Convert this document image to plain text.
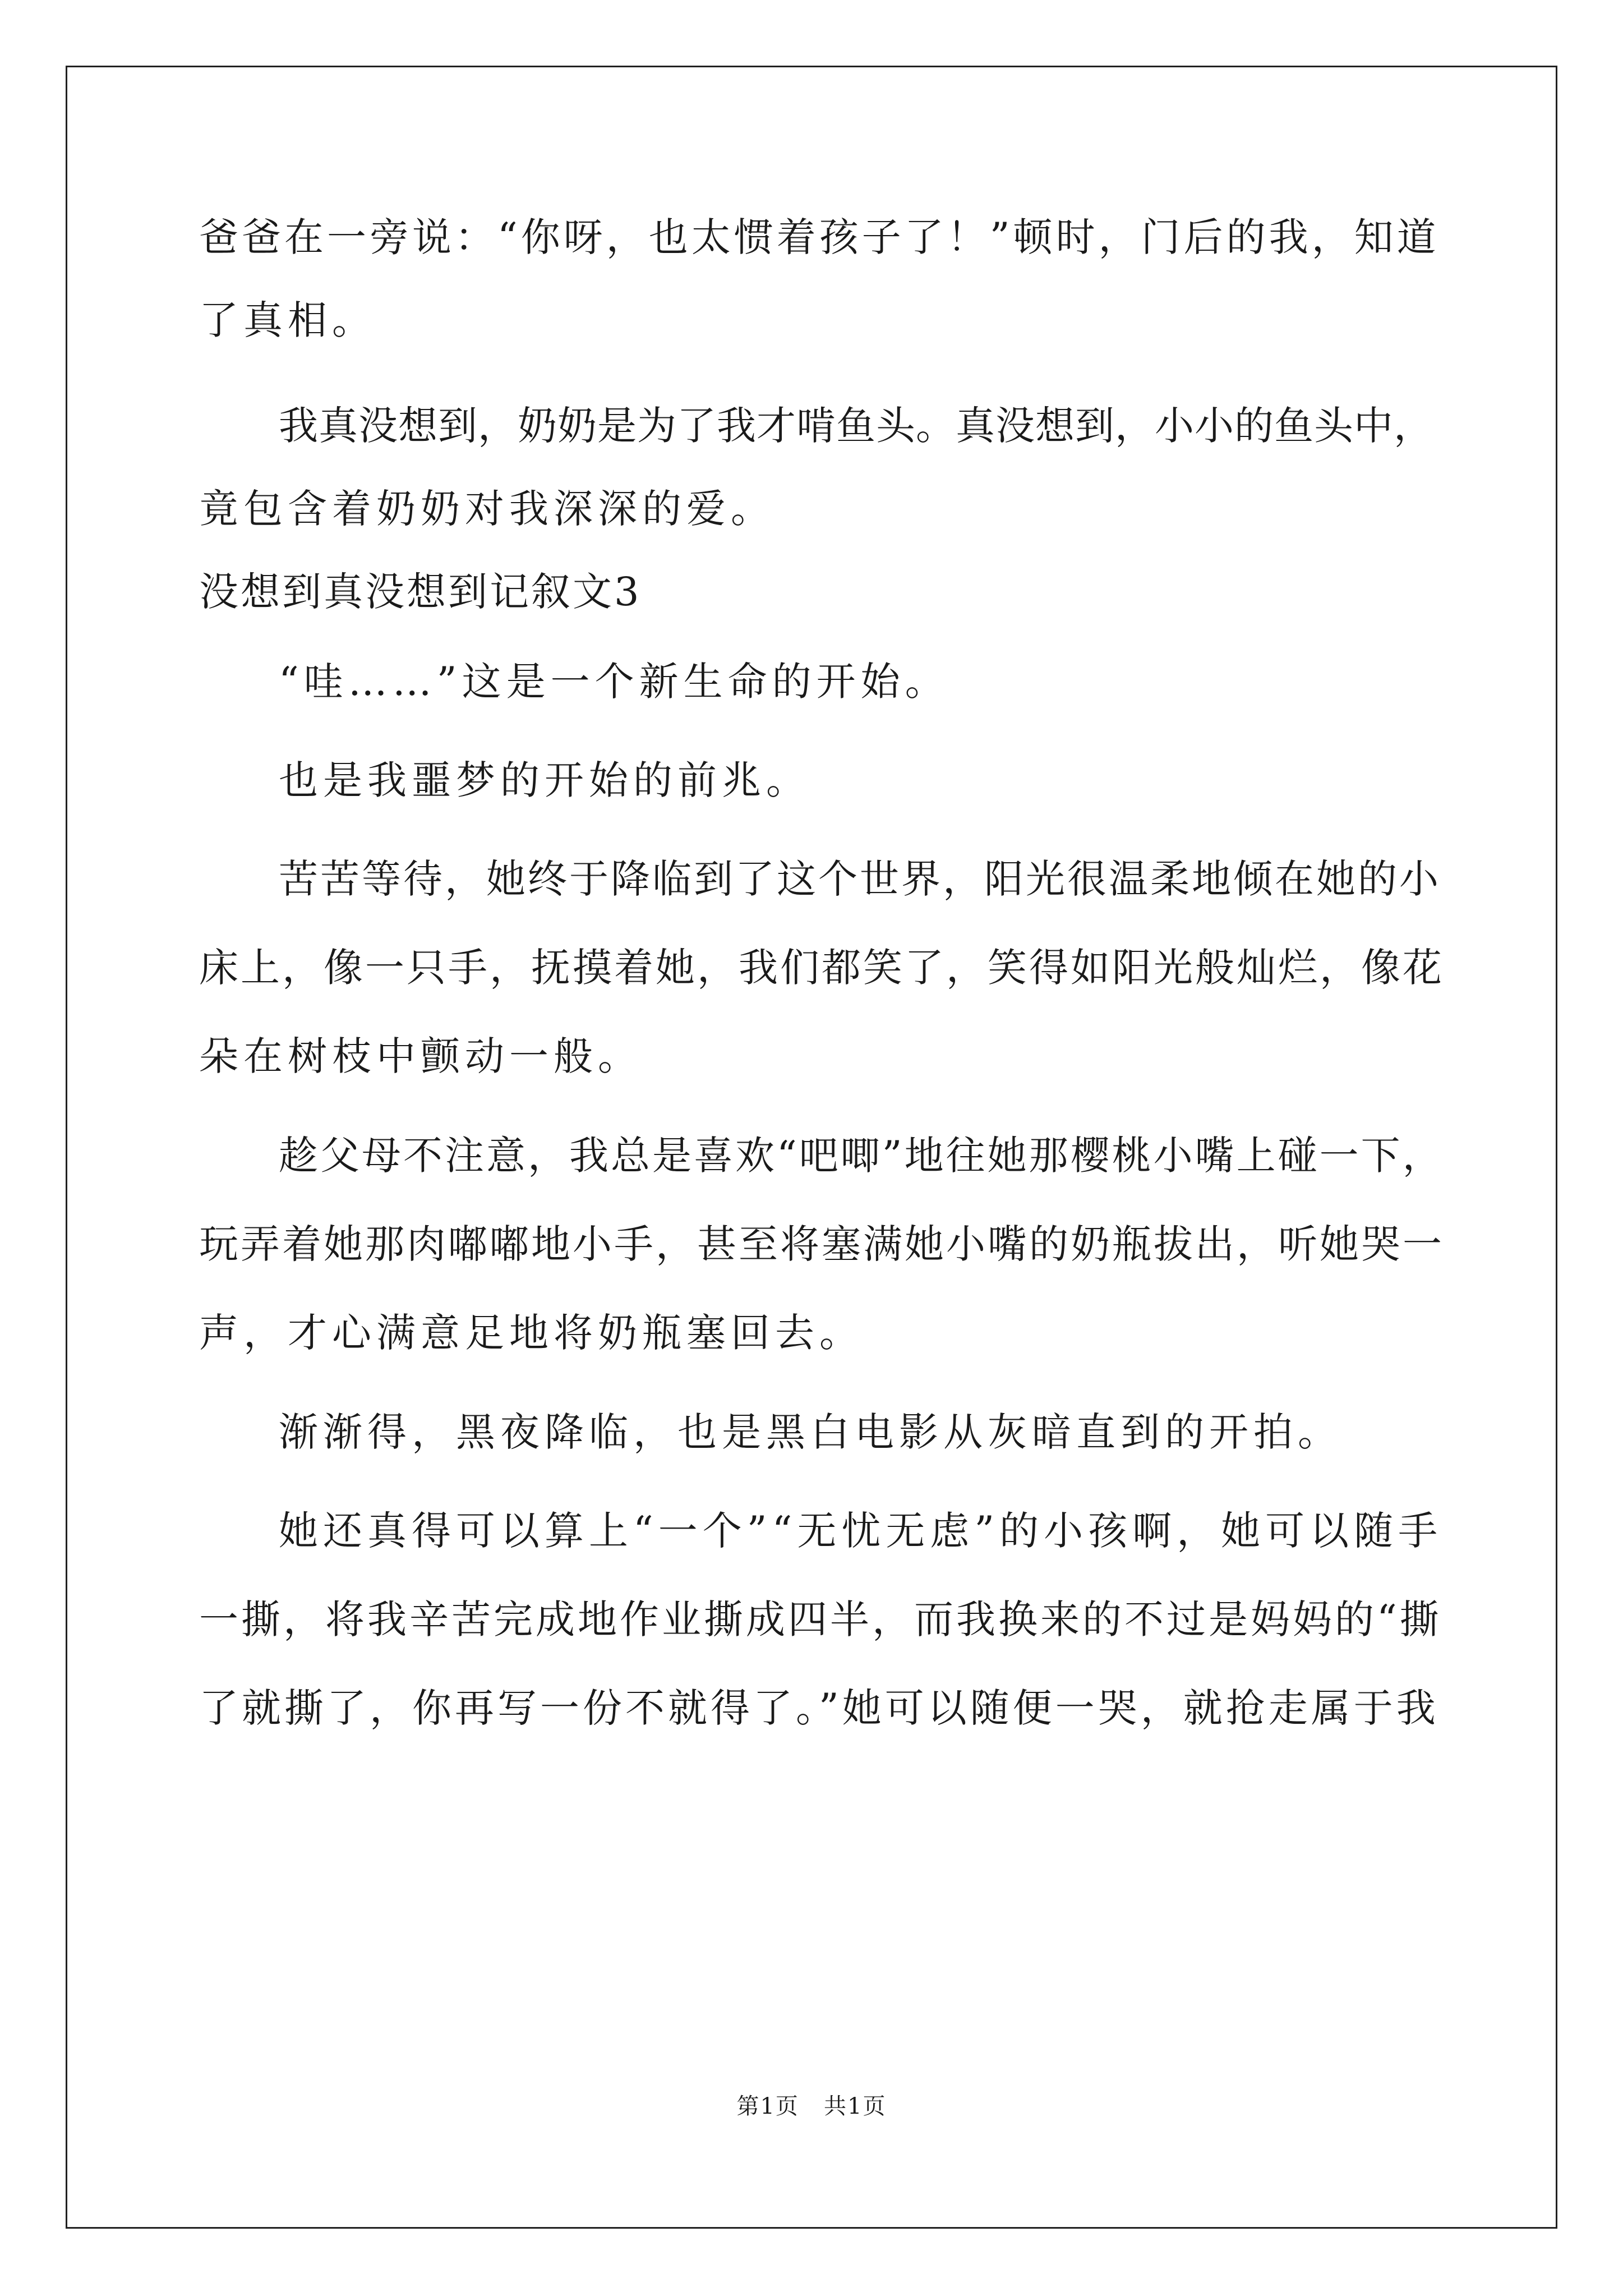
爸爸在一旁说：“你呀，也太惯着孩子了！”顿时，门后的我，知道
了真相。
我真没想到，奶奶是为了我才啃鱼头。真没想到，小小的鱼头中，
竟包含着奶奶对我深深的爱。
没想到真没想到记叙文3
“哇……”这是一个新生命的开始。
也是我噩梦的开始的前兆。
苦苦等待，她终于降临到了这个世界，阳光很温柔地倾在她的小
床上，像一只手，抚摸着她，我们都笑了，笑得如阳光般灿烂，像花
朵在树枝中颤动一般。
趁父母不注意，我总是喜欢“吧唧”地往她那樱桃小嘴上碰一下，
玩弄着她那肉嘟嘟地小手，甚至将塞满她小嘴的奶瓶拔出，听她哭一
声，才心满意足地将奶瓶塞回去。
渐渐得，黑夜降临，也是黑白电影从灰暗直到的开拍。
她还真得可以算上“一个”“无忧无虑”的小孩啊，她可以随手
一撕，将我辛苦完成地作业撕成四半，而我换来的不过是妈妈的“撕
了就撕了，你再写一份不就得了。”她可以随便一哭，就抢走属于我
第1页   共1页
